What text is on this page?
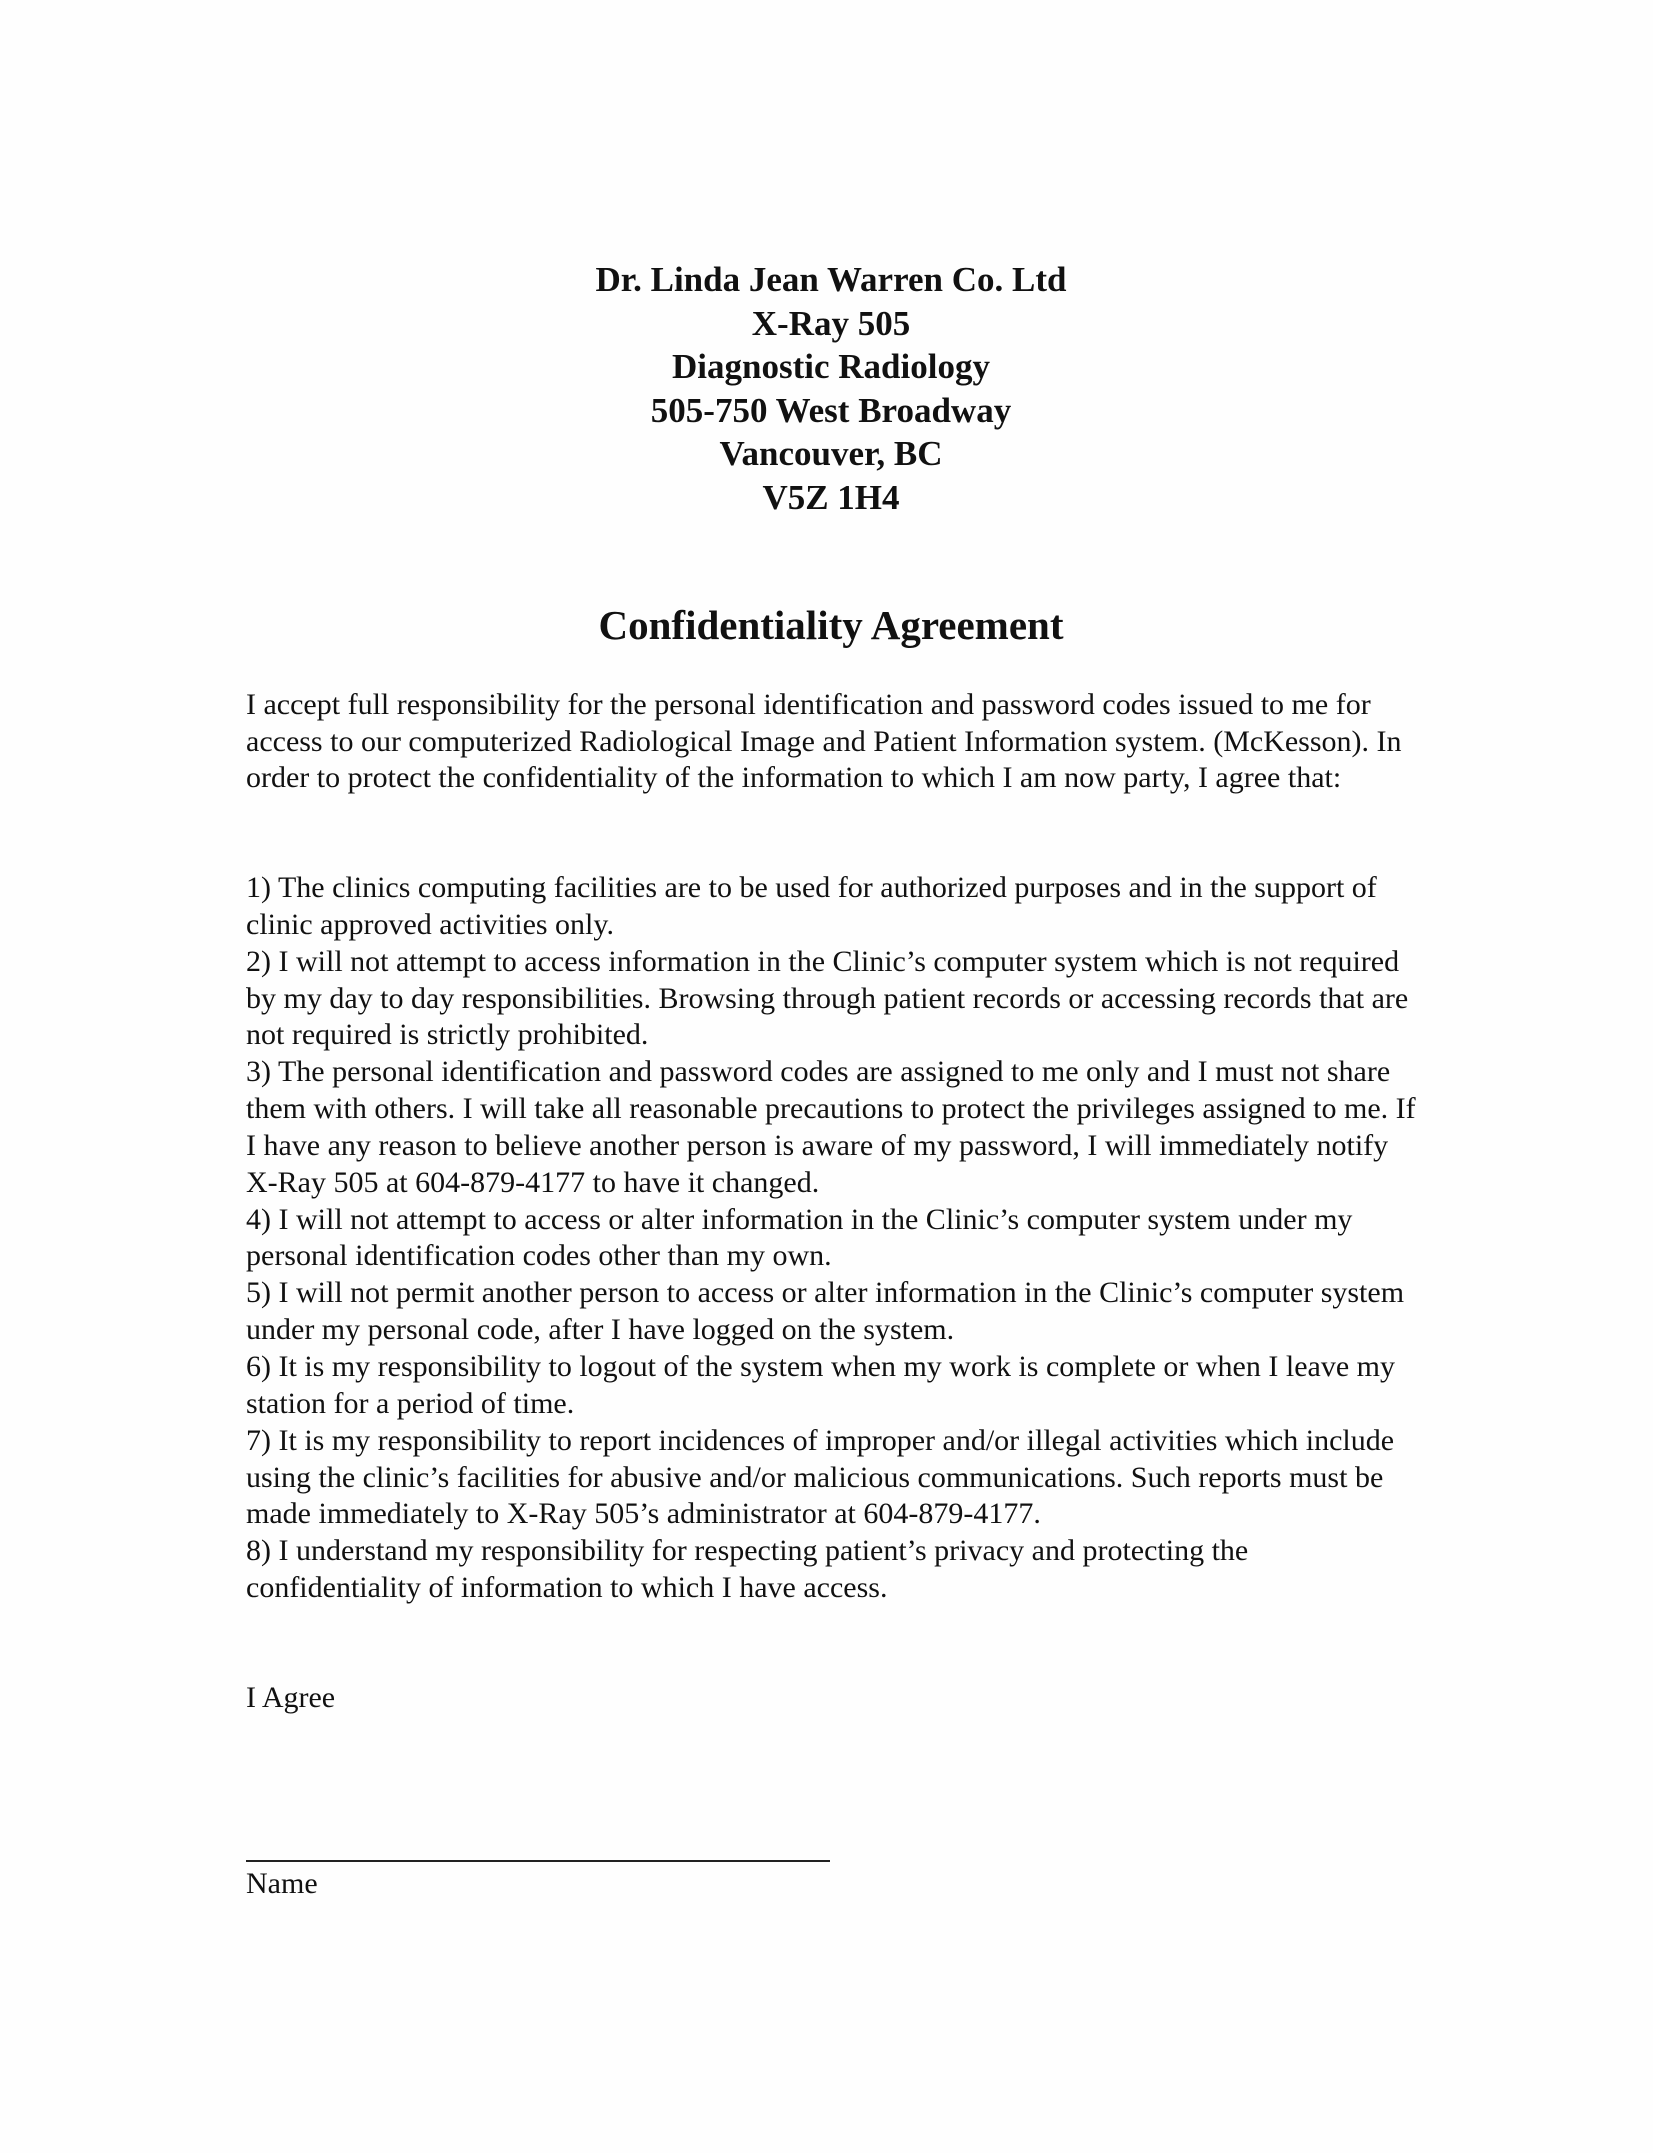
Dr. Linda Jean Warren Co. Ltd
X-Ray 505
Diagnostic Radiology
505-750 West Broadway
Vancouver, BC
V5Z 1H4
Confidentiality Agreement

I accept full responsibility for the personal identification and password codes issued to me for access to our computerized Radiological Image and Patient Information system. (McKesson). In order to protect the confidentiality of the information to which I am now party, I agree that:

1) The clinics computing facilities are to be used for authorized purposes and in the support of clinic approved activities only.

2) I will not attempt to access information in the Clinic’s computer system which is not required by my day to day responsibilities. Browsing through patient records or accessing records that are not required is strictly prohibited.

3) The personal identification and password codes are assigned to me only and I must not share them with others. I will take all reasonable precautions to protect the privileges assigned to me. If I have any reason to believe another person is aware of my password, I will immediately notify X-Ray 505 at 604-879-4177 to have it changed.

4) I will not attempt to access or alter information in the Clinic’s computer system under my personal identification codes other than my own.

5) I will not permit another person to access or alter information in the Clinic’s computer system under my personal code, after I have logged on the system.

6) It is my responsibility to logout of the system when my work is complete or when I leave my station for a period of time.

7) It is my responsibility to report incidences of improper and/or illegal activities which include using the clinic’s facilities for abusive and/or malicious communications. Such reports must be made immediately to X-Ray 505’s administrator at 604-879-4177.

8) I understand my responsibility for respecting patient’s privacy and protecting the confidentiality of information to which I have access.

I Agree
Name
